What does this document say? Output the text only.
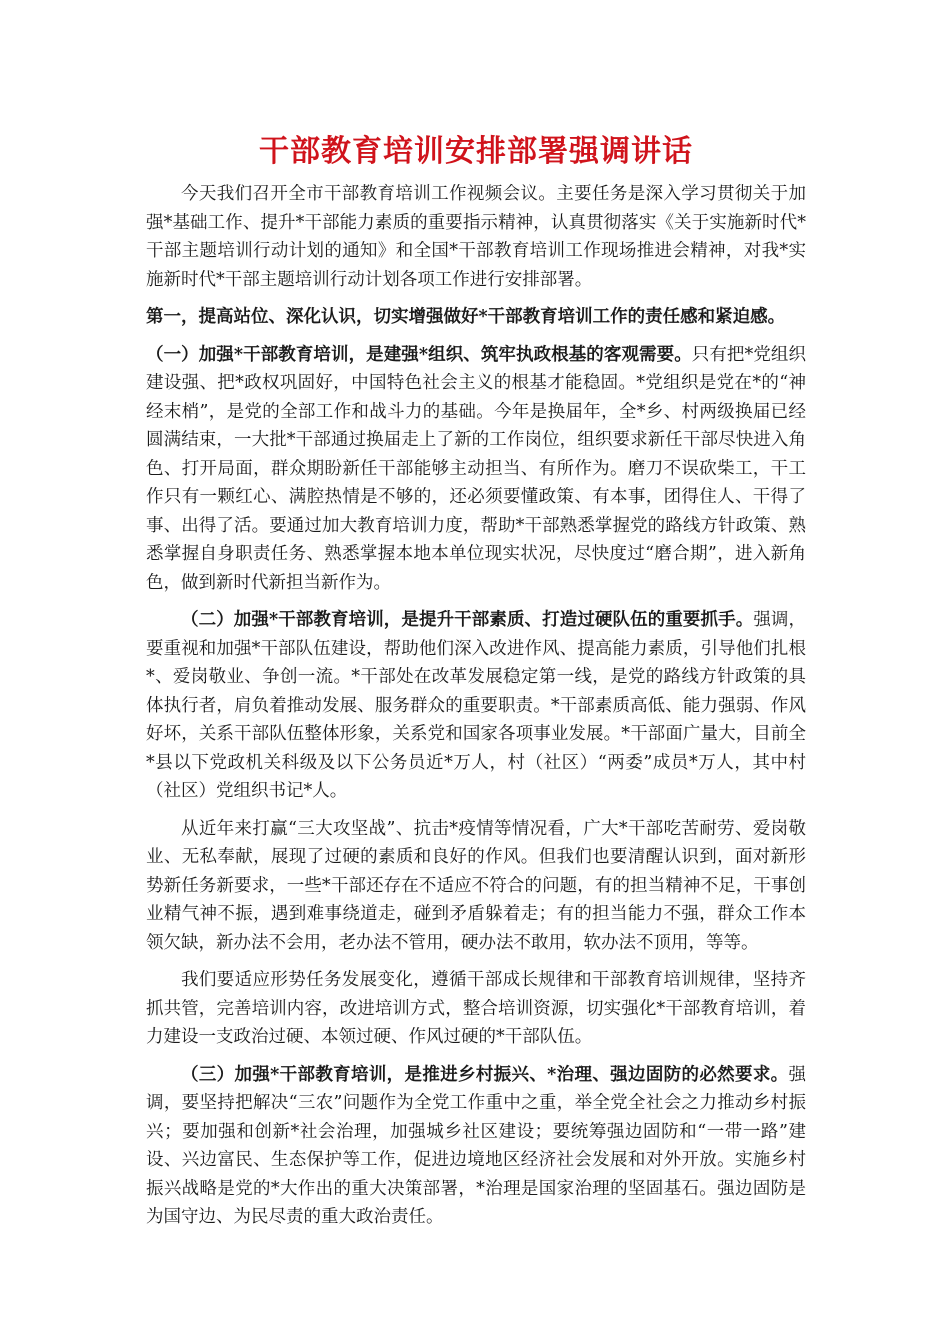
干部教育培训安排部署强调讲话

今天我们召开全市干部教育培训工作视频会议。主要任务是深入学习贯彻关于加强*基础工作、提升*干部能力素质的重要指示精神，认真贯彻落实《关于实施新时代*干部主题培训行动计划的通知》和全国*干部教育培训工作现场推进会精神，对我*实施新时代*干部主题培训行动计划各项工作进行安排部署。

第一，提高站位、深化认识，切实增强做好*干部教育培训工作的责任感和紧迫感。

（一）加强*干部教育培训，是建强*组织、筑牢执政根基的客观需要。只有把*党组织建设强、把*政权巩固好，中国特色社会主义的根基才能稳固。*党组织是党在*的“神经末梢”，是党的全部工作和战斗力的基础。今年是换届年，全*乡、村两级换届已经圆满结束，一大批*干部通过换届走上了新的工作岗位，组织要求新任干部尽快进入角色、打开局面，群众期盼新任干部能够主动担当、有所作为。磨刀不误砍柴工，干工作只有一颗红心、满腔热情是不够的，还必须要懂政策、有本事，团得住人、干得了事、出得了活。要通过加大教育培训力度，帮助*干部熟悉掌握党的路线方针政策、熟悉掌握自身职责任务、熟悉掌握本地本单位现实状况，尽快度过“磨合期”，进入新角色，做到新时代新担当新作为。

（二）加强*干部教育培训，是提升干部素质、打造过硬队伍的重要抓手。强调，要重视和加强*干部队伍建设，帮助他们深入改进作风、提高能力素质，引导他们扎根*、爱岗敬业、争创一流。*干部处在改革发展稳定第一线，是党的路线方针政策的具体执行者，肩负着推动发展、服务群众的重要职责。*干部素质高低、能力强弱、作风好坏，关系干部队伍整体形象，关系党和国家各项事业发展。*干部面广量大，目前全*县以下党政机关科级及以下公务员近*万人，村（社区）“两委”成员*万人，其中村（社区）党组织书记*人。

从近年来打赢“三大攻坚战”、抗击*疫情等情况看，广大*干部吃苦耐劳、爱岗敬业、无私奉献，展现了过硬的素质和良好的作风。但我们也要清醒认识到，面对新形势新任务新要求，一些*干部还存在不适应不符合的问题，有的担当精神不足，干事创业精气神不振，遇到难事绕道走，碰到矛盾躲着走；有的担当能力不强，群众工作本领欠缺，新办法不会用，老办法不管用，硬办法不敢用，软办法不顶用，等等。

我们要适应形势任务发展变化，遵循干部成长规律和干部教育培训规律，坚持齐抓共管，完善培训内容，改进培训方式，整合培训资源，切实强化*干部教育培训，着力建设一支政治过硬、本领过硬、作风过硬的*干部队伍。

（三）加强*干部教育培训，是推进乡村振兴、*治理、强边固防的必然要求。强调，要坚持把解决“三农”问题作为全党工作重中之重，举全党全社会之力推动乡村振兴；要加强和创新*社会治理，加强城乡社区建设；要统筹强边固防和“一带一路”建设、兴边富民、生态保护等工作，促进边境地区经济社会发展和对外开放。实施乡村振兴战略是党的*大作出的重大决策部署，*治理是国家治理的坚固基石。强边固防是为国守边、为民尽责的重大政治责任。
